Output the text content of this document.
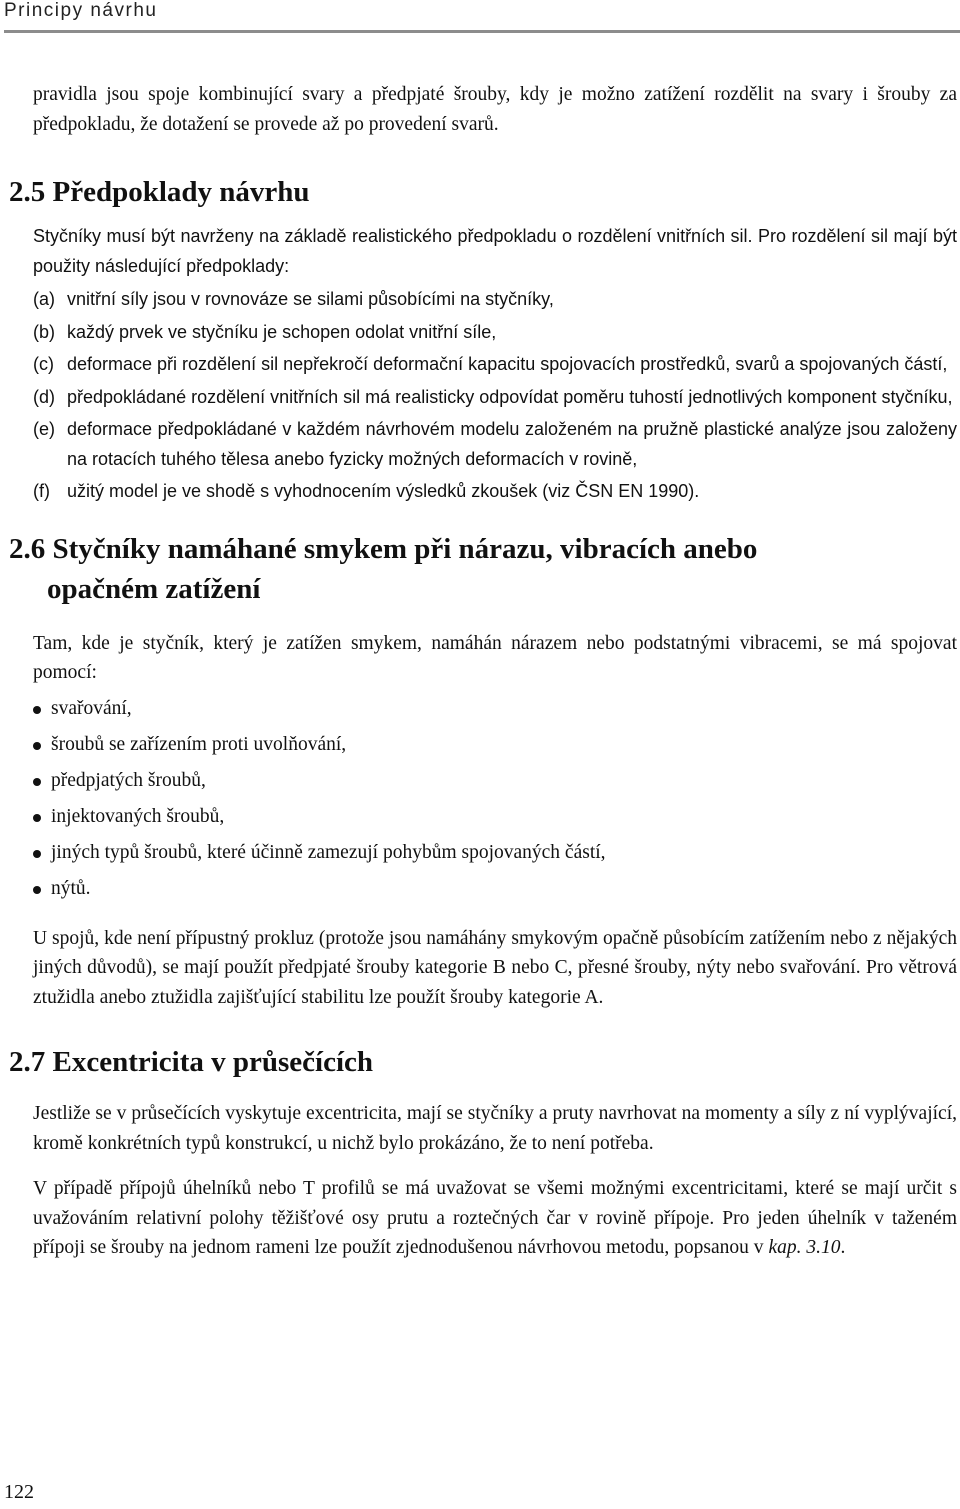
Principy návrhu

pravidla jsou spoje kombinující svary a předpjaté šrouby, kdy je možno zatížení rozdělit na svary i šrouby za předpokladu, že dotažení se provede až po provedení svarů.

2.5 Předpoklady návrhu

Styčníky musí být navrženy na základě realistického předpokladu o rozdělení vnitřních sil. Pro rozdělení sil mají být použity následující předpoklady:

(a) vnitřní síly jsou v rovnováze se silami působícími na styčníky,
(b) každý prvek ve styčníku je schopen odolat vnitřní síle,
(c) deformace při rozdělení sil nepřekročí deformační kapacitu spojovacích prostředků, svarů a spojovaných částí,
(d) předpokládané rozdělení vnitřních sil má realisticky odpovídat poměru tuhostí jednotlivých komponent styčníku,
(e) deformace předpokládané v každém návrhovém modelu založeném na pružně plastické analýze jsou založeny na rotacích tuhého tělesa anebo fyzicky možných deformacích v rovině,
(f) užitý model je ve shodě s vyhodnocením výsledků zkoušek (viz ČSN EN 1990).
2.6 Styčníky namáhané smykem při nárazu, vibracích anebo
opačném zatížení

Tam, kde je styčník, který je zatížen smykem, namáhán nárazem nebo podstatnými vibracemi, se má spojovat pomocí:

svařování,
šroubů se zařízením proti uvolňování,
předpjatých šroubů,
injektovaných šroubů,
jiných typů šroubů, které účinně zamezují pohybům spojovaných částí,
nýtů.

U spojů, kde není přípustný prokluz (protože jsou namáhány smykovým opačně působícím zatížením nebo z nějakých jiných důvodů), se mají použít předpjaté šrouby kategorie B nebo C, přesné šrouby, nýty nebo svařování. Pro větrová ztužidla anebo ztužidla zajišťující stabilitu lze použít šrouby kategorie A.

2.7 Excentricita v průsečících

Jestliže se v průsečících vyskytuje excentricita, mají se styčníky a pruty navrhovat na momenty a síly z ní vyplývající, kromě konkrétních typů konstrukcí, u nichž bylo prokázáno, že to není potřeba.

V případě přípojů úhelníků nebo T profilů se má uvažovat se všemi možnými excentricitami, které se mají určit s uvažováním relativní polohy těžišťové osy prutu a roztečných čar v rovině přípoje. Pro jeden úhelník v taženém přípoji se šrouby na jednom rameni lze použít zjednodušenou návrhovou metodu, popsanou v kap. 3.10.

122
